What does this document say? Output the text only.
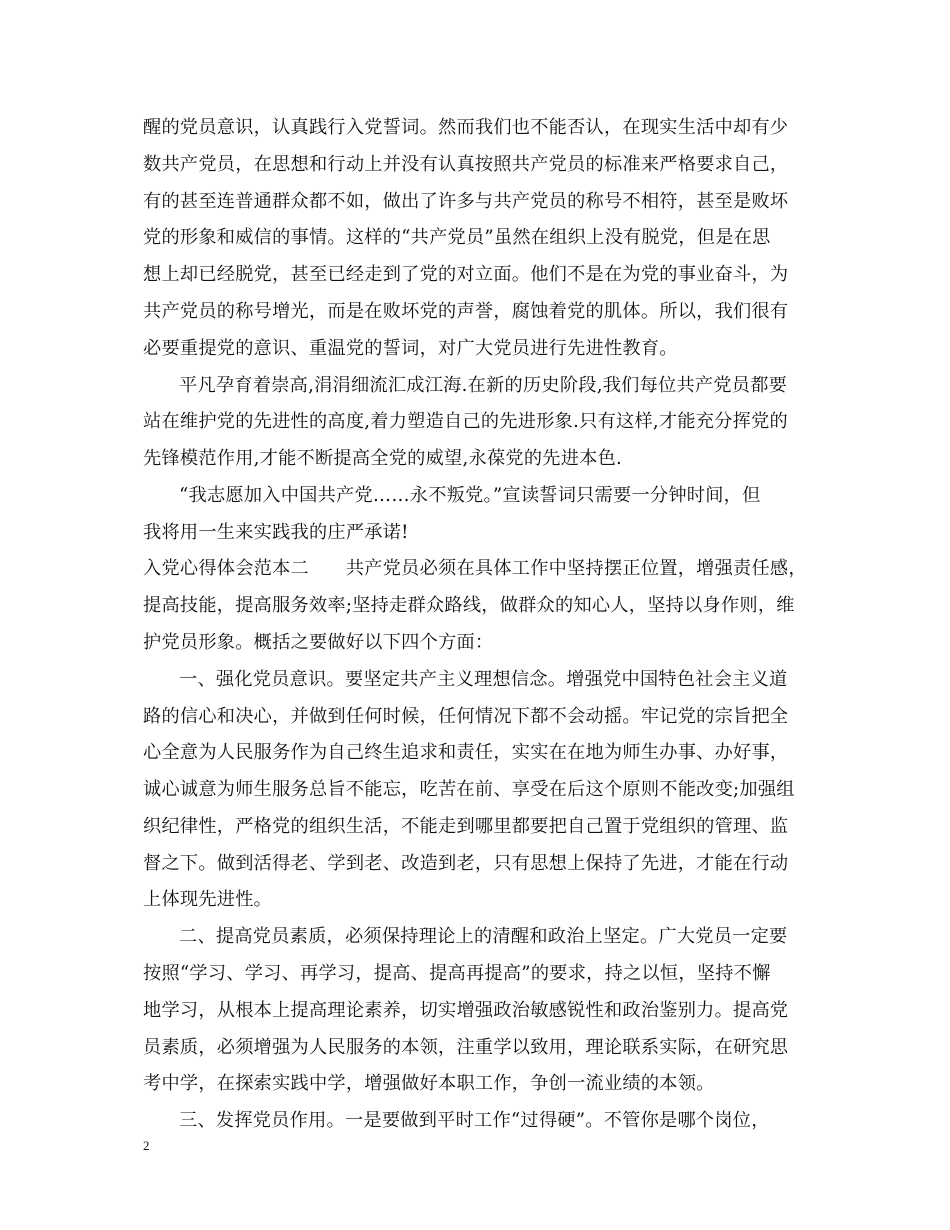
醒的党员意识，认真践行入党誓词。然而我们也不能否认，在现实生活中却有少
数共产党员，在思想和行动上并没有认真按照共产党员的标准来严格要求自己，
有的甚至连普通群众都不如，做出了许多与共产党员的称号不相符，甚至是败坏
党的形象和威信的事情。这样的“共产党员”虽然在组织上没有脱党，但是在思
想上却已经脱党，甚至已经走到了党的对立面。他们不是在为党的事业奋斗，为
共产党员的称号增光，而是在败坏党的声誉，腐蚀着党的肌体。所以，我们很有
必要重提党的意识、重温党的誓词，对广大党员进行先进性教育。
平凡孕育着崇高,涓涓细流汇成江海.在新的历史阶段,我们每位共产党员都要
站在维护党的先进性的高度,着力塑造自己的先进形象.只有这样,才能充分挥党的
先锋模范作用,才能不断提高全党的威望,永葆党的先进本色.
“我志愿加入中国共产党……永不叛党。”宣读誓词只需要一分钟时间，但
我将用一生来实践我的庄严承诺!
入党心得体会范本二　　共产党员必须在具体工作中坚持摆正位置，增强责任感，
提高技能，提高服务效率;坚持走群众路线，做群众的知心人，坚持以身作则，维
护党员形象。概括之要做好以下四个方面：
一、强化党员意识。要坚定共产主义理想信念。增强党中国特色社会主义道
路的信心和决心，并做到任何时候，任何情况下都不会动摇。牢记党的宗旨把全
心全意为人民服务作为自己终生追求和责任，实实在在地为师生办事、办好事，
诚心诚意为师生服务总旨不能忘，吃苦在前、享受在后这个原则不能改变;加强组
织纪律性，严格党的组织生活，不能走到哪里都要把自己置于党组织的管理、监
督之下。做到活得老、学到老、改造到老，只有思想上保持了先进，才能在行动
上体现先进性。
二、提高党员素质，必须保持理论上的清醒和政治上坚定。广大党员一定要
按照“学习、学习、再学习，提高、提高再提高”的要求，持之以恒，坚持不懈
地学习，从根本上提高理论素养，切实增强政治敏感锐性和政治鉴别力。提高党
员素质，必须增强为人民服务的本领，注重学以致用，理论联系实际，在研究思
考中学，在探索实践中学，增强做好本职工作，争创一流业绩的本领。
三、发挥党员作用。一是要做到平时工作“过得硬”。不管你是哪个岗位，
2
